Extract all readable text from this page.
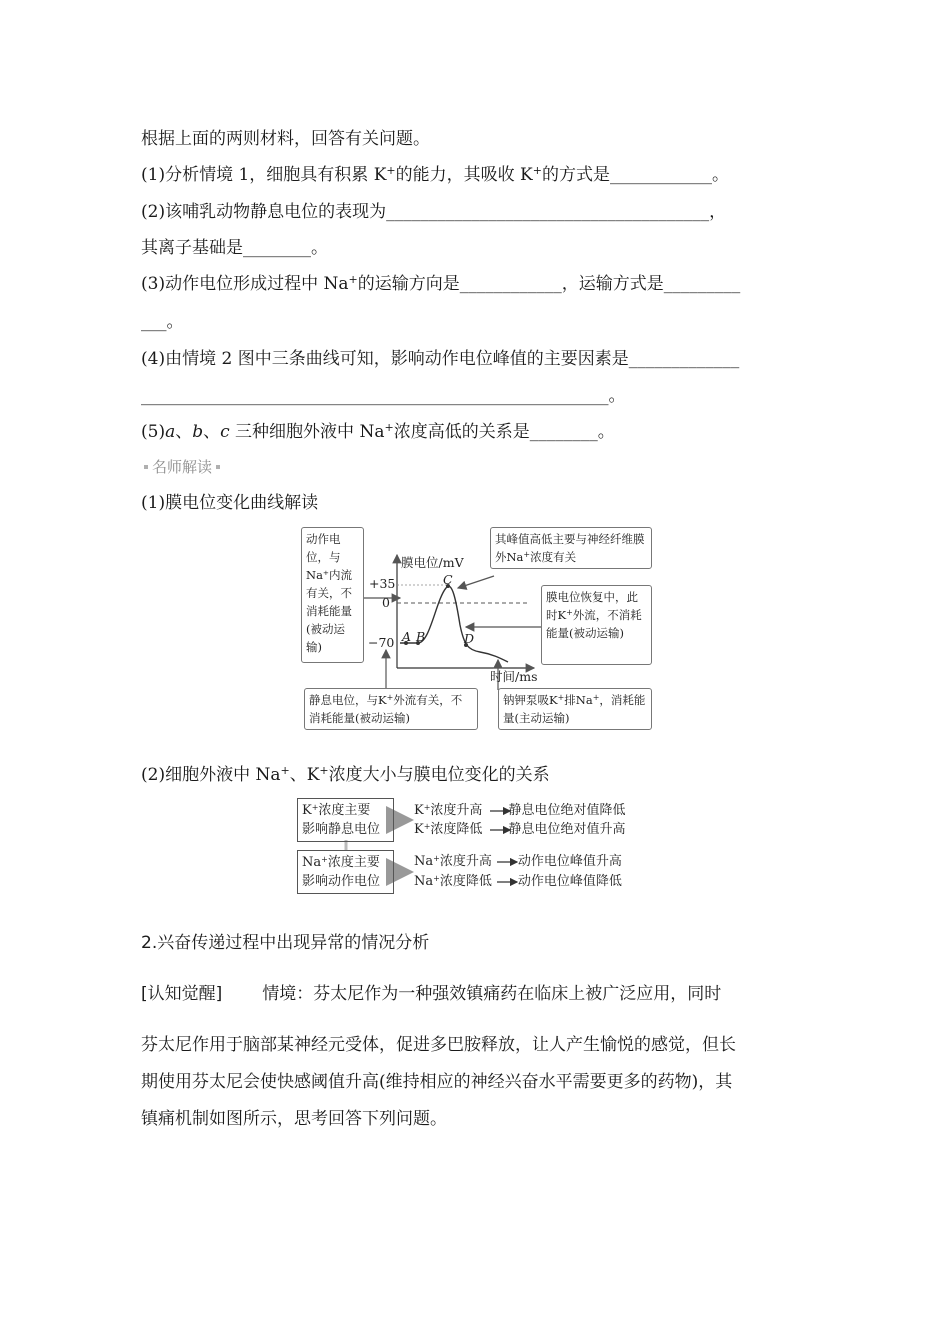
根据上面的两则材料，回答有关问题。
(1)分析情境 1，细胞具有积累 K+的能力，其吸收 K+的方式是____________。
(2)该哺乳动物静息电位的表现为______________________________________，
其离子基础是________。
(3)动作电位形成过程中 Na+的运输方向是____________，运输方式是_________
___。
(4)由情境 2 图中三条曲线可知，影响动作电位峰值的主要因素是_____________
_______________________________________________________。
(5)a、b、c 三种细胞外液中 Na+浓度高低的关系是________。
名师解读
(1)膜电位变化曲线解读
动作电位，与Na⁺内流有关，不消耗能量(被动运输)
其峰值高低主要与神经纤维膜外Na+浓度有关
膜电位恢复中，此时K+外流，不消耗能量(被动运输)
静息电位，与K+外流有关，不消耗能量(被动运输)
钠钾泵吸K+排Na+，消耗能量(主动运输)
膜电位/mV
时间/ms
+35
0
−70 A B
C
D
(2)细胞外液中 Na+、K+浓度大小与膜电位变化的关系
K+浓度主要
影响静息电位
Na+浓度主要
影响动作电位
K+浓度升高 静息电位绝对值降低
K+浓度降低 静息电位绝对值升高
Na+浓度升高 动作电位峰值升高
Na+浓度降低 动作电位峰值降低
2.兴奋传递过程中出现异常的情况分析
[认知觉醒] 情境：芬太尼作为一种强效镇痛药在临床上被广泛应用，同时
芬太尼作用于脑部某神经元受体，促进多巴胺释放，让人产生愉悦的感觉，但长
期使用芬太尼会使快感阈值升高(维持相应的神经兴奋水平需要更多的药物)，其
镇痛机制如图所示，思考回答下列问题。
